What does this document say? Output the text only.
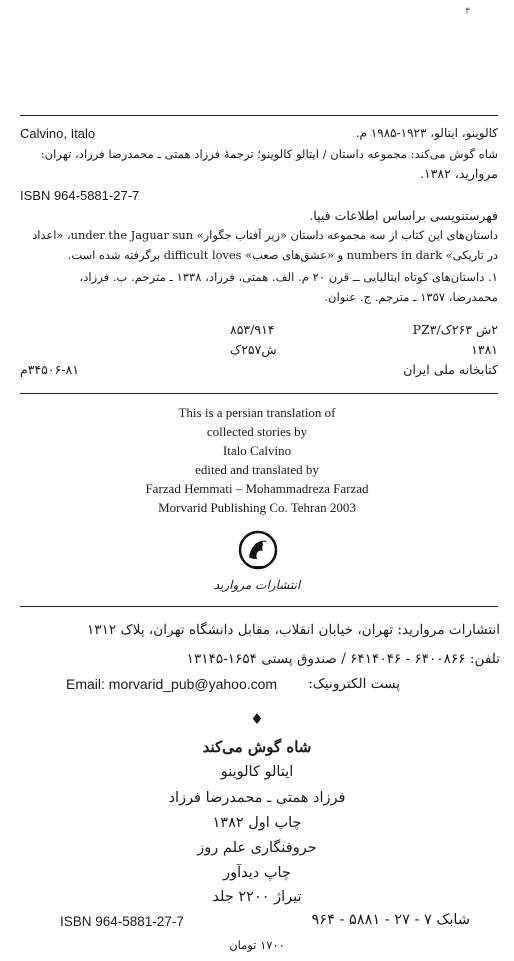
۴
Calvino, Italo	کالوینو، ایتالو، ۱۹۲۳-۱۹۸۵ م.
شاه گوش می‌کند: مجموعه داستان / ایتالو کالوینو؛ ترجمهٔ فرزاد همتی ـ محمدرضا فرزاد، تهران:
مروارید، ۱۳۸۲.
ISBN 964-5881-27-7
فهرستنویسی براساس اطلاعات فیپا.
داستان‌های این کتاب از سه مجموعه داستان «زیر آفتاب جگوار» under the Jaguar sun، «اعداد
در تاریکی» numbers in dark و «عشق‌های صعب» difficult loves برگرفته شده است.
۱. داستان‌های کوتاه ایتالیایی ــ قرن ۲۰ م. الف. همتی، فرزاد، ۱۳۳۸ ـ مترجم. ب. فرزاد،
محمدرضا، ۱۳۵۷ ـ مترجم. ج. عنوان.
۸۵۳/۹۱۴	۲ش ۲۶۳ک/PZ۳
ش۲۵۷ک	۱۳۸۱
۳۴۵۰۶-۸۱م	کتابخانه ملی ایران
This is a persian translation of
collected stories by
Italo Calvino
edited and translated by
Farzad Hemmati – Mohammadreza Farzad
Morvarid Publishing Co. Tehran 2003
انتشارات مروارید
انتشارات مروارید: تهران، خیابان انقلاب، مقابل دانشگاه تهران، پلاک ۱۳۱۲
تلفن: ۶۴۰۰۸۶۶ - ۶۴۱۴۰۴۶ / صندوق پستی ۱۶۵۴-۱۳۱۴۵
Email: morvarid_pub@yahoo.com پست الکترونیک:
♦
شاه گوش می‌کند
ایتالو کالوینو
فرزاد همتی ـ محمدرضا فرزاد
چاپ اول ۱۳۸۲
حروفنگاری علم روز
چاپ دیدآور
تیراژ ۲۲۰۰ جلد
ISBN 964-5881-27-7	شابک ۷ - ۲۷ - ۵۸۸۱ - ۹۶۴
۱۷۰۰ تومان
